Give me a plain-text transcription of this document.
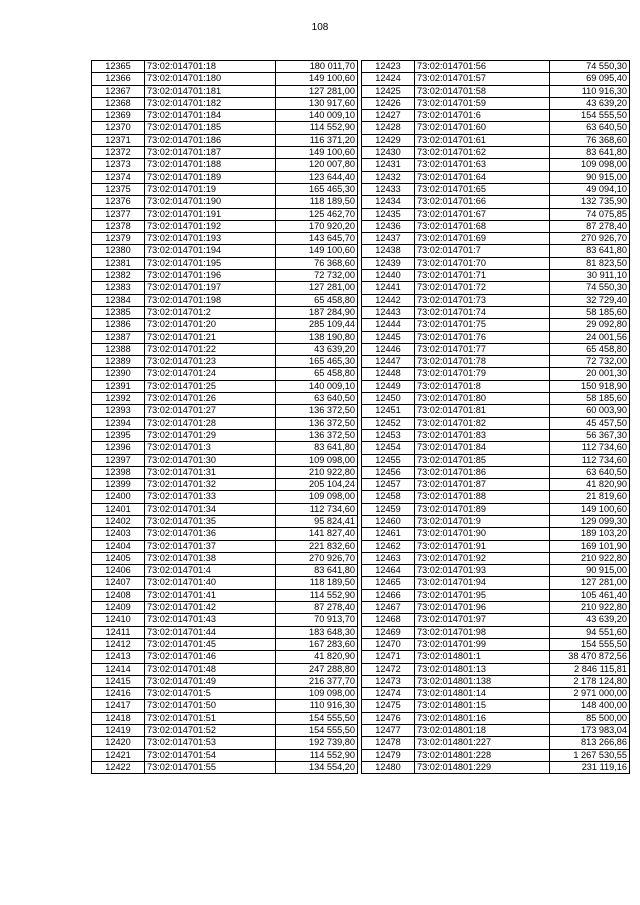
108
12365	73:02:014701:18	180 011,70
12366	73:02:014701:180	149 100,60
12367	73:02:014701:181	127 281,00
12368	73:02:014701:182	130 917,60
12369	73:02:014701:184	140 009,10
12370	73:02:014701:185	114 552,90
12371	73:02:014701:186	116 371,20
12372	73:02:014701:187	149 100,60
12373	73:02:014701:188	120 007,80
12374	73:02:014701:189	123 644,40
12375	73:02:014701:19	165 465,30
12376	73:02:014701:190	118 189,50
12377	73:02:014701:191	125 462,70
12378	73:02:014701:192	170 920,20
12379	73:02:014701:193	143 645,70
12380	73:02:014701:194	149 100,60
12381	73:02:014701:195	76 368,60
12382	73:02:014701:196	72 732,00
12383	73:02:014701:197	127 281,00
12384	73:02:014701:198	65 458,80
12385	73:02:014701:2	187 284,90
12386	73:02:014701:20	285 109,44
12387	73:02:014701:21	138 190,80
12388	73:02:014701:22	43 639,20
12389	73:02:014701:23	165 465,30
12390	73:02:014701:24	65 458,80
12391	73:02:014701:25	140 009,10
12392	73:02:014701:26	63 640,50
12393	73:02:014701:27	136 372,50
12394	73:02:014701:28	136 372,50
12395	73:02:014701:29	136 372,50
12396	73:02:014701:3	83 641,80
12397	73:02:014701:30	109 098,00
12398	73:02:014701:31	210 922,80
12399	73:02:014701:32	205 104,24
12400	73:02:014701:33	109 098,00
12401	73:02:014701:34	112 734,60
12402	73:02:014701:35	95 824,41
12403	73:02:014701:36	141 827,40
12404	73:02:014701:37	221 832,60
12405	73:02:014701:38	270 926,70
12406	73:02:014701:4	83 641,80
12407	73:02:014701:40	118 189,50
12408	73:02:014701:41	114 552,90
12409	73:02:014701:42	87 278,40
12410	73:02:014701:43	70 913,70
12411	73:02:014701:44	183 648,30
12412	73:02:014701:45	167 283,60
12413	73:02:014701:46	41 820,90
12414	73:02:014701:48	247 288,80
12415	73:02:014701:49	216 377,70
12416	73:02:014701:5	109 098,00
12417	73:02:014701:50	110 916,30
12418	73:02:014701:51	154 555,50
12419	73:02:014701:52	154 555,50
12420	73:02:014701:53	192 739,80
12421	73:02:014701:54	114 552,90
12422	73:02:014701:55	134 554,20
12423	73:02:014701:56	74 550,30
12424	73:02:014701:57	69 095,40
12425	73:02:014701:58	110 916,30
12426	73:02:014701:59	43 639,20
12427	73:02:014701:6	154 555,50
12428	73:02:014701:60	63 640,50
12429	73:02:014701:61	76 368,60
12430	73:02:014701:62	83 641,80
12431	73:02:014701:63	109 098,00
12432	73:02:014701:64	90 915,00
12433	73:02:014701:65	49 094,10
12434	73:02:014701:66	132 735,90
12435	73:02:014701:67	74 075,85
12436	73:02:014701:68	87 278,40
12437	73:02:014701:69	270 926,70
12438	73:02:014701:7	83 641,80
12439	73:02:014701:70	81 823,50
12440	73:02:014701:71	30 911,10
12441	73:02:014701:72	74 550,30
12442	73:02:014701:73	32 729,40
12443	73:02:014701:74	58 185,60
12444	73:02:014701:75	29 092,80
12445	73:02:014701:76	24 001,56
12446	73:02:014701:77	65 458,80
12447	73:02:014701:78	72 732,00
12448	73:02:014701:79	20 001,30
12449	73:02:014701:8	150 918,90
12450	73:02:014701:80	58 185,60
12451	73:02:014701:81	60 003,90
12452	73:02:014701:82	45 457,50
12453	73:02:014701:83	56 367,30
12454	73:02:014701:84	112 734,60
12455	73:02:014701:85	112 734,60
12456	73:02:014701:86	63 640,50
12457	73:02:014701:87	41 820,90
12458	73:02:014701:88	21 819,60
12459	73:02:014701:89	149 100,60
12460	73:02:014701:9	129 099,30
12461	73:02:014701:90	189 103,20
12462	73:02:014701:91	169 101,90
12463	73:02:014701:92	210 922,80
12464	73:02:014701:93	90 915,00
12465	73:02:014701:94	127 281,00
12466	73:02:014701:95	105 461,40
12467	73:02:014701:96	210 922,80
12468	73:02:014701:97	43 639,20
12469	73:02:014701:98	94 551,60
12470	73:02:014701:99	154 555,50
12471	73:02:014801:1	38 470 872,56
12472	73:02:014801:13	2 846 115,81
12473	73:02:014801:138	2 178 124,80
12474	73:02:014801:14	2 971 000,00
12475	73:02:014801:15	148 400,00
12476	73:02:014801:16	85 500,00
12477	73:02:014801:18	173 983,04
12478	73:02:014801:227	813 266,86
12479	73:02:014801:228	1 267 530,55
12480	73:02:014801:229	231 119,16
